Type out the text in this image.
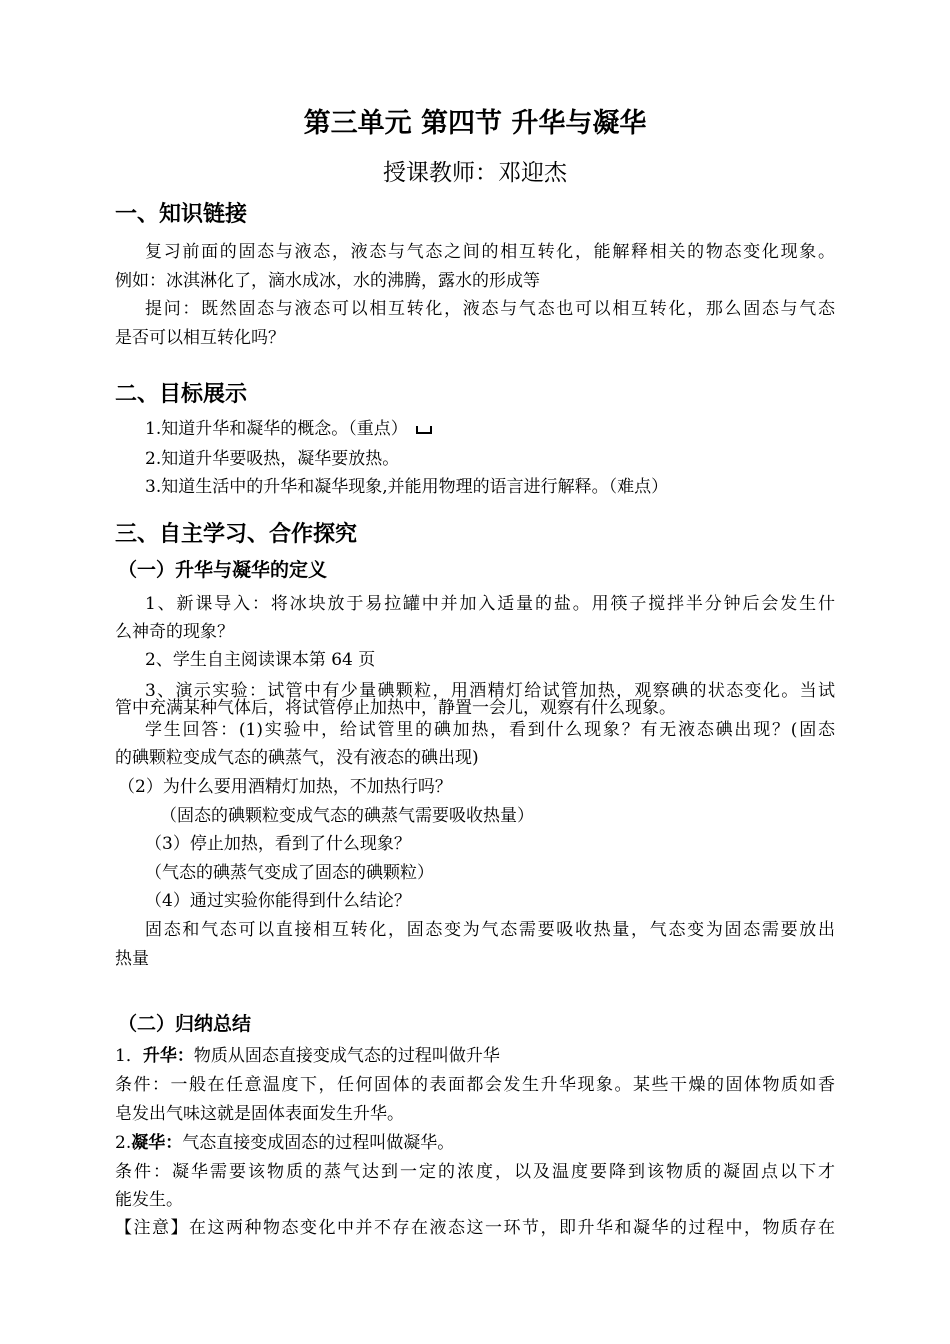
第三单元 第四节 升华与凝华
授课教师：邓迎杰
一、知识链接
复习前面的固态与液态，液态与气态之间的相互转化，能解释相关的物态变化现象。
例如：冰淇淋化了，滴水成冰，水的沸腾，露水的形成等
提问：既然固态与液态可以相互转化，液态与气态也可以相互转化，那么固态与气态
是否可以相互转化吗？
二、目标展示
1.知道升华和凝华的概念。（重点）
2.知道升华要吸热，凝华要放热。
3.知道生活中的升华和凝华现象,并能用物理的语言进行解释。（难点）
三、自主学习、合作探究
（一）升华与凝华的定义
1、新课导入：将冰块放于易拉罐中并加入适量的盐。用筷子搅拌半分钟后会发生什
么神奇的现象？
2、学生自主阅读课本第 64 页
3、演示实验：试管中有少量碘颗粒，用酒精灯给试管加热，观察碘的状态变化。当试
管中充满某种气体后，将试管停止加热中，静置一会儿，观察有什么现象。
学生回答：(1)实验中，给试管里的碘加热，看到什么现象？有无液态碘出现？(固态
的碘颗粒变成气态的碘蒸气，没有液态的碘出现)
（2）为什么要用酒精灯加热，不加热行吗？
（固态的碘颗粒变成气态的碘蒸气需要吸收热量）
（3）停止加热，看到了什么现象？
（气态的碘蒸气变成了固态的碘颗粒）
（4）通过实验你能得到什么结论？
固态和气态可以直接相互转化，固态变为气态需要吸收热量，气态变为固态需要放出
热量
（二）归纳总结
1．升华：物质从固态直接变成气态的过程叫做升华
条件：一般在任意温度下，任何固体的表面都会发生升华现象。某些干燥的固体物质如香
皂发出气味这就是固体表面发生升华。
2.凝华：气态直接变成固态的过程叫做凝华。
条件：凝华需要该物质的蒸气达到一定的浓度，以及温度要降到该物质的凝固点以下才
能发生。
【注意】在这两种物态变化中并不存在液态这一环节，即升华和凝华的过程中，物质存在
